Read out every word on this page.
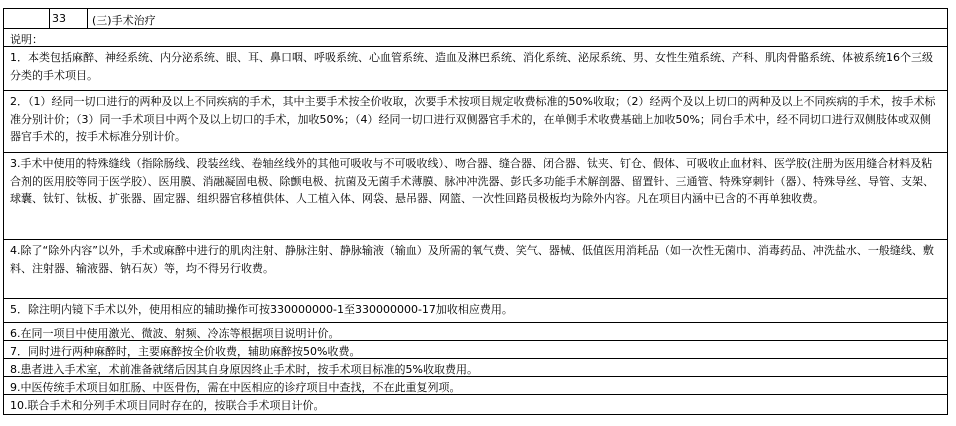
33	(三)手术治疗
说明：
1．本类包括麻醉、神经系统、内分泌系统、眼、耳、鼻口咽、呼吸系统、心血管系统、造血及淋巴系统、消化系统、泌尿系统、男、女性生殖系统、产科、肌肉骨骼系统、体被系统16个三级分类的手术项目。
2．（1）经同一切口进行的两种及以上不同疾病的手术，其中主要手术按全价收取，次要手术按项目规定收费标准的50%收取；（2）经两个及以上切口的两种及以上不同疾病的手术，按手术标准分别计价；（3）同一手术项目中两个及以上切口的手术，加收50%；（4）经同一切口进行双侧器官手术的，在单侧手术收费基础上加收50%；同台手术中，经不同切口进行双侧肢体或双侧器官手术的，按手术标准分别计价。
3.手术中使用的特殊缝线（指除肠线、段装丝线、卷轴丝线外的其他可吸收与不可吸收线）、吻合器、缝合器、闭合器、钛夹、钉仓、假体、可吸收止血材料、医学胶(注册为医用缝合材料及粘合剂的医用胶等同于医学胶）、医用膜、消融凝固电极、除颤电极、抗菌及无菌手术薄膜、脉冲冲洗器、彭氏多功能手术解剖器、留置针、三通管、特殊穿刺针（器）、特殊导丝、导管、支架、球囊、钛钉、钛板、扩张器、固定器、组织器官移植供体、人工植入体、网袋、悬吊器、网篮、一次性回路员极板均为除外内容。凡在项目内涵中已含的不再单独收费。
4.除了“除外内容”以外，手术或麻醉中进行的肌肉注射、静脉注射、静脉输液（输血）及所需的氧气费、笑气、器械、低值医用消耗品（如一次性无菌巾、消毒药品、冲洗盐水、一般缝线、敷料、注射器、输液器、钠石灰）等，均不得另行收费。
5．除注明内镜下手术以外，使用相应的辅助操作可按330000000-1至330000000-17加收相应费用。
6.在同一项目中使用激光、微波、射频、冷冻等根据项目说明计价。
7．同时进行两种麻醉时，主要麻醉按全价收费，辅助麻醉按50%收费。
8.患者进入手术室，术前准备就绪后因其自身原因终止手术时，按手术项目标准的5%收取费用。
9.中医传统手术项目如肛肠、中医骨伤，需在中医相应的诊疗项目中查找，不在此重复列项。
10.联合手术和分列手术项目同时存在的，按联合手术项目计价。
